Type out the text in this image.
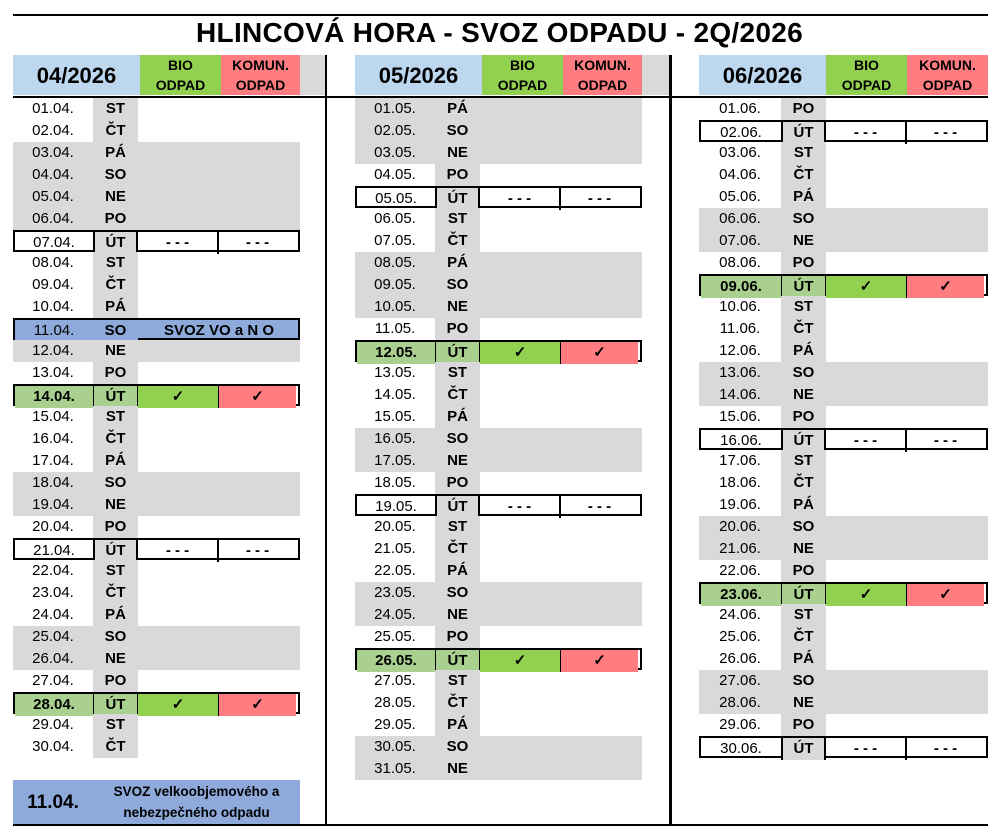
HLINCOVÁ HORA - SVOZ ODPADU - 2Q/2026
04/2026	BIO
ODPAD
KOMUN.
ODPAD
01.04.	ST
02.04.	ČT
03.04.	PÁ
04.04.	SO
05.04.	NE
06.04.	PO
07.04.	ÚT	- - -	- - -
08.04.	ST
09.04.	ČT
10.04.	PÁ
11.04.	SO	SVOZ VO a N O
12.04.	NE
13.04.	PO
14.04.	ÚT	✓	✓
15.04.	ST
16.04.	ČT
17.04.	PÁ
18.04.	SO
19.04.	NE
20.04.	PO
21.04.	ÚT	- - -	- - -
22.04.	ST
23.04.	ČT
24.04.	PÁ
25.04.	SO
26.04.	NE
27.04.	PO
28.04.	ÚT	✓	✓
29.04.	ST
30.04.	ČT
05/2026	BIO
ODPAD
KOMUN.
ODPAD
01.05.	PÁ
02.05.	SO
03.05.	NE
04.05.	PO
05.05.	ÚT	- - -	- - -
06.05.	ST
07.05.	ČT
08.05.	PÁ
09.05.	SO
10.05.	NE
11.05.	PO
12.05.	ÚT	✓	✓
13.05.	ST
14.05.	ČT
15.05.	PÁ
16.05.	SO
17.05.	NE
18.05.	PO
19.05.	ÚT	- - -	- - -
20.05.	ST
21.05.	ČT
22.05.	PÁ
23.05.	SO
24.05.	NE
25.05.	PO
26.05.	ÚT	✓	✓
27.05.	ST
28.05.	ČT
29.05.	PÁ
30.05.	SO
31.05.	NE
06/2026	BIO
ODPAD
KOMUN.
ODPAD
01.06.	PO
02.06.	ÚT	- - -	- - -
03.06.	ST
04.06.	ČT
05.06.	PÁ
06.06.	SO
07.06.	NE
08.06.	PO
09.06.	ÚT	✓	✓
10.06.	ST
11.06.	ČT
12.06.	PÁ
13.06.	SO
14.06.	NE
15.06.	PO
16.06.	ÚT	- - -	- - -
17.06.	ST
18.06.	ČT
19.06.	PÁ
20.06.	SO
21.06.	NE
22.06.	PO
23.06.	ÚT	✓	✓
24.06.	ST
25.06.	ČT
26.06.	PÁ
27.06.	SO
28.06.	NE
29.06.	PO
30.06.	ÚT	- - -	- - -
11.04.
SVOZ velkoobjemového a
nebezpečného odpadu
